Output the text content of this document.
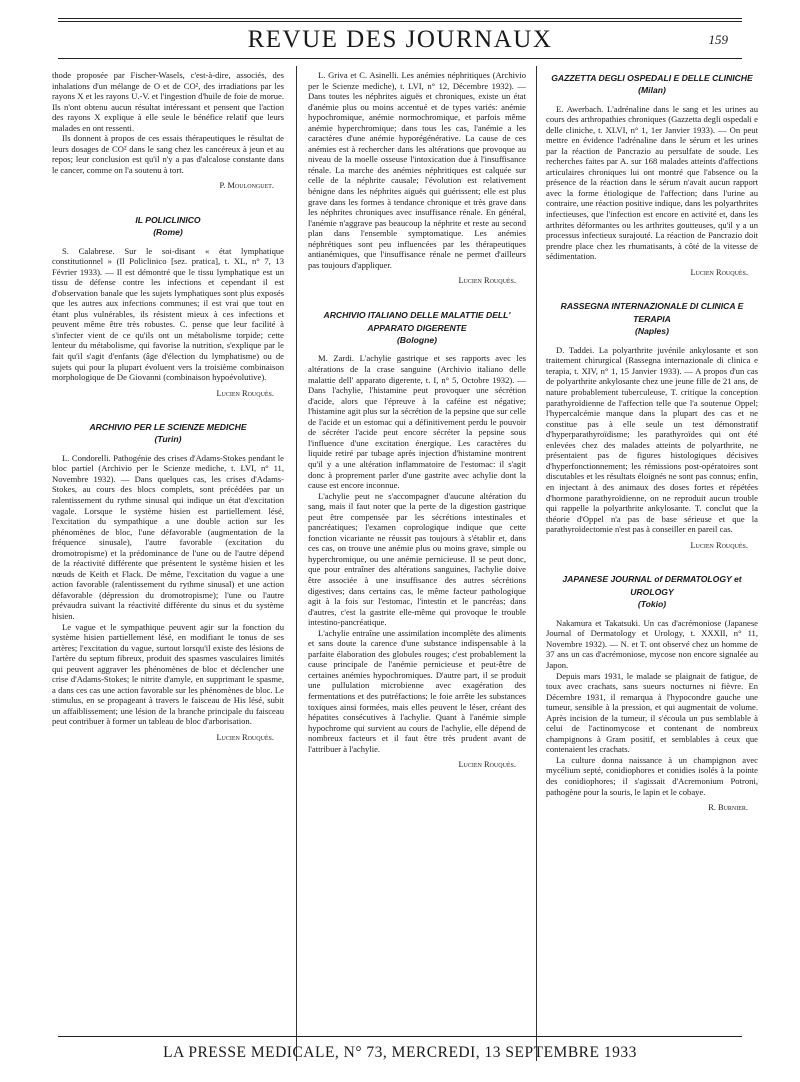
REVUE DES JOURNAUX	159

thode proposée par Fischer-Wasels, c'est-à-dire, associés, des inhalations d'un mélange de O et de CO², des irradiations par les rayons X et les rayons U.-V. et l'ingestion d'huile de foie de morue. Ils n'ont obtenu aucun résultat intéressant et pensent que l'action des rayons X explique à elle seule le bénéfice relatif que leurs malades en ont ressenti.

Ils donnent à propos de ces essais thérapeutiques le résultat de leurs dosages de CO² dans le sang chez les cancéreux à jeun et au repos; leur conclusion est qu'il n'y a pas d'alcalose constante dans le cancer, comme on l'a soutenu à tort.

P. Moulonguet.
IL POLICLINICO
(Rome)

S. Calabrese. Sur le soi-disant « état lymphatique constitutionnel » (Il Policlinico [sez. pratica], t. XL, n° 7, 13 Février 1933). — Il est démontré que le tissu lymphatique est un tissu de défense contre les infections et cependant il est d'observation banale que les sujets lymphatiques sont plus exposés que les autres aux infections communes; il est vrai que tout en étant plus vulnérables, ils résistent mieux à ces infections et peuvent même être très robustes. C. pense que leur facilité à s'infecter vient de ce qu'ils ont un métabolisme torpide; cette lenteur du métabolisme, qui favorise la nutrition, s'explique par le fait qu'il s'agit d'enfants (âge d'élection du lymphatisme) ou de sujets qui pour la plupart évoluent vers la troisième combinaison morphologique de De Giovanni (combinaison hypoévolutive).

Lucien Rouquès.
ARCHIVIO PER LE SCIENZE MEDICHE
(Turin)

L. Condorelli. Pathogénie des crises d'Adams-Stokes pendant le bloc partiel (Archivio per le Scienze mediche, t. LVI, n° 11, Novembre 1932). — Dans quelques cas, les crises d'Adams-Stokes, au cours des blocs complets, sont précédées par un ralentissement du rythme sinusal qui indique un état d'excitation vagale. Lorsque le système hisien est partiellement lésé, l'excitation du sympathique a une double action sur les phénomènes de bloc, l'une défavorable (augmentation de la fréquence sinusale), l'autre favorable (excitation du dromotropisme) et la prédominance de l'une ou de l'autre dépend de la réactivité différente que présentent le système hisien et les nœuds de Keith et Flack. De même, l'excitation du vague a une action favorable (ralentissement du rythme sinusal) et une action défavorable (dépression du dromotropisme); l'une ou l'autre prévaudra suivant la réactivité différente du sinus et du système hisien.

Le vague et le sympathique peuvent agir sur la fonction du système hisien partiellement lésé, en modifiant le tonus de ses artères; l'excitation du vague, surtout lorsqu'il existe des lésions de l'artère du septum fibreux, produit des spasmes vasculaires limités qui peuvent aggraver les phénomènes de bloc et déclencher une crise d'Adams-Stokes; le nitrite d'amyle, en supprimant le spasme, a dans ces cas une action favorable sur les phénomènes de bloc. Le stimulus, en se propageant à travers le faisceau de His lésé, subit un affaiblissement; une lésion de la branche principale du faisceau peut contribuer à former un tableau de bloc d'arborisation.

Lucien Rouquès.

L. Griva et C. Asinelli. Les anémies néphritiques (Archivio per le Scienze mediche), t. LVI, n° 12, Décembre 1932). — Dans toutes les néphrites aiguës et chroniques, existe un état d'anémie plus ou moins accentué et de types variés: anémie hypochromique, anémie normochromique, et parfois même anémie hyperchromique; dans tous les cas, l'anémie a les caractères d'une anémie hyporégénérative. La cause de ces anémies est à rechercher dans les altérations que provoque au niveau de la moelle osseuse l'intoxication due à l'insuffisance rénale. La marche des anémies néphritiques est calquée sur celle de la néphrite causale; l'évolution est relativement bénigne dans les néphrites aiguës qui guérissent; elle est plus grave dans les formes à tendance chronique et très grave dans les néphrites chroniques avec insuffisance rénale. En général, l'anémie n'aggrave pas beaucoup la néphrite et reste au second plan dans l'ensemble symptomatique. Les anémies néphrétiques sont peu influencées par les thérapeutiques antianémiques, que l'insuffisance rénale ne permet d'ailleurs pas toujours d'appliquer.

Lucien Rouquès.
ARCHIVIO ITALIANO DELLE MALATTIE DELL' APPARATO DIGERENTE
(Bologne)

M. Zardi. L'achylie gastrique et ses rapports avec les altérations de la crase sanguine (Archivio italiano delle malattie dell' apparato digerente, t. I, n° 5, Octobre 1932). — Dans l'achylie, l'histamine peut provoquer une sécrétion d'acide, alors que l'épreuve à la caféine est négative; l'histamine agit plus sur la sécrétion de la pepsine que sur celle de l'acide et un estomac qui a définitivement perdu le pouvoir de sécréter l'acide peut encore sécréter la pepsine sous l'influence d'une excitation énergique. Les caractères du liquide retiré par tubage après injection d'histamine montrent qu'il y a une altération inflammatoire de l'estomac: il s'agit donc à proprement parler d'une gastrite avec achylie dont la cause est encore inconnue.

L'achylie peut ne s'accompagner d'aucune altération du sang, mais il faut noter que la perte de la digestion gastrique peut être compensée par les sécrétions intestinales et pancréatiques; l'examen coprologique indique que cette fonction vicariante ne réussit pas toujours à s'établir et, dans ces cas, on trouve une anémie plus ou moins grave, simple ou hyperchromique, ou une anémie pernicieuse. Il se peut donc, que pour entraîner des altérations sanguines, l'achylie doive être associée à une insuffisance des autres sécrétions digestives; dans certains cas, le même facteur pathologique agit à la fois sur l'estomac, l'intestin et le pancréas; dans d'autres, c'est la gastrite elle-même qui provoque le trouble intestino-pancréatique.

L'achylie entraîne une assimilation incomplète des aliments et sans doute la carence d'une substance indispensable à la parfaite élaboration des globules rouges; c'est probablement la cause principale de l'anémie pernicieuse et peut-être de certaines anémies hypochromiques. D'autre part, il se produit une pullulation microbienne avec exagération des fermentations et des putréfactions; le foie arrête les substances toxiques ainsi formées, mais elles peuvent le léser, créant des hépatites consécutives à l'achylie. Quant à l'anémie simple hypochrome qui survient au cours de l'achylie, elle dépend de nombreux facteurs et il faut être très prudent avant de l'attribuer à l'achylie.

Lucien Rouquès.
GAZZETTA DEGLI OSPEDALI E DELLE CLINICHE
(Milan)

E. Awerbach. L'adrénaline dans le sang et les urines au cours des arthropathies chroniques (Gazzetta degli ospedali e delle cliniche, t. XLVI, n° 1, 1er Janvier 1933). — On peut mettre en évidence l'adrénaline dans le sérum et les urines par la réaction de Pancrazio au persulfate de soude. Les recherches faites par A. sur 168 malades atteints d'affections articulaires chroniques lui ont montré que l'absence ou la présence de la réaction dans le sérum n'avait aucun rapport avec la forme étiologique de l'affection; dans l'urine au contraire, une réaction positive indique, dans les polyarthrites infectieuses, que l'infection est encore en activité et, dans les arthrites déformantes ou les arthrites goutteuses, qu'il y a un processus infectieux surajouté. La réaction de Pancrazio doit prendre place chez les rhumatisants, à côté de la vitesse de sédimentation.

Lucien Rouquès.
RASSEGNA INTERNAZIONALE DI CLINICA E TERAPIA
(Naples)

D. Taddei. La polyarthrite juvénile ankylosante et son traitement chirurgical (Rassegna internazionale di clinica e terapia, t. XIV, n° 1, 15 Janvier 1933). — A propos d'un cas de polyarthrite ankylosante chez une jeune fille de 21 ans, de nature probablement tuberculeuse, T. critique la conception parathyroïdienne de l'affection telle que l'a soutenue Oppel; l'hypercalcémie manque dans la plupart des cas et ne constitue pas à elle seule un test démonstratif d'hyperparathyroïdisme; les parathyroïdes qui ont été enlevées chez des malades atteints de polyarthrite, ne présentaient pas de figures histologiques décisives d'hyperfonctionnement; les rémissions post-opératoires sont discutables et les résultats éloignés ne sont pas connus; enfin, en injectant à des animaux des doses fortes et répétées d'hormone parathyroïdienne, on ne reproduit aucun trouble qui rappelle la polyarthrite ankylosante. T. conclut que la théorie d'Oppel n'a pas de base sérieuse et que la parathyroïdectomie n'est pas à conseiller en pareil cas.

Lucien Rouquès.
JAPANESE JOURNAL of DERMATOLOGY et UROLOGY
(Tokio)

Nakamura et Takatsuki. Un cas d'acrémoniose (Japanese Journal of Dermatology et Urology, t. XXXII, n° 11, Novembre 1932). — N. et T. ont observé chez un homme de 37 ans un cas d'acrémoniose, mycose non encore signalée au Japon.

Depuis mars 1931, le malade se plaignait de fatigue, de toux avec crachats, sans sueurs nocturnes ni fièvre. En Décembre 1931, il remarqua à l'hypocondre gauche une tumeur, sensible à la pression, et qui augmentait de volume. Après incision de la tumeur, il s'écoula un pus semblable à celui de l'actinomycose et contenant de nombreux champignons à Gram positif, et semblables à ceux que contenaient les crachats.

La culture donna naissance à un champignon avec mycélium septé, conidiophores et conidies isolés à la pointe des conidiophores; il s'agissait d'Acremonium Potroni, pathogène pour la souris, le lapin et le cobaye.

R. Burnier.
LA PRESSE MEDICALE, N° 73, MERCREDI, 13 SEPTEMBRE 1933
